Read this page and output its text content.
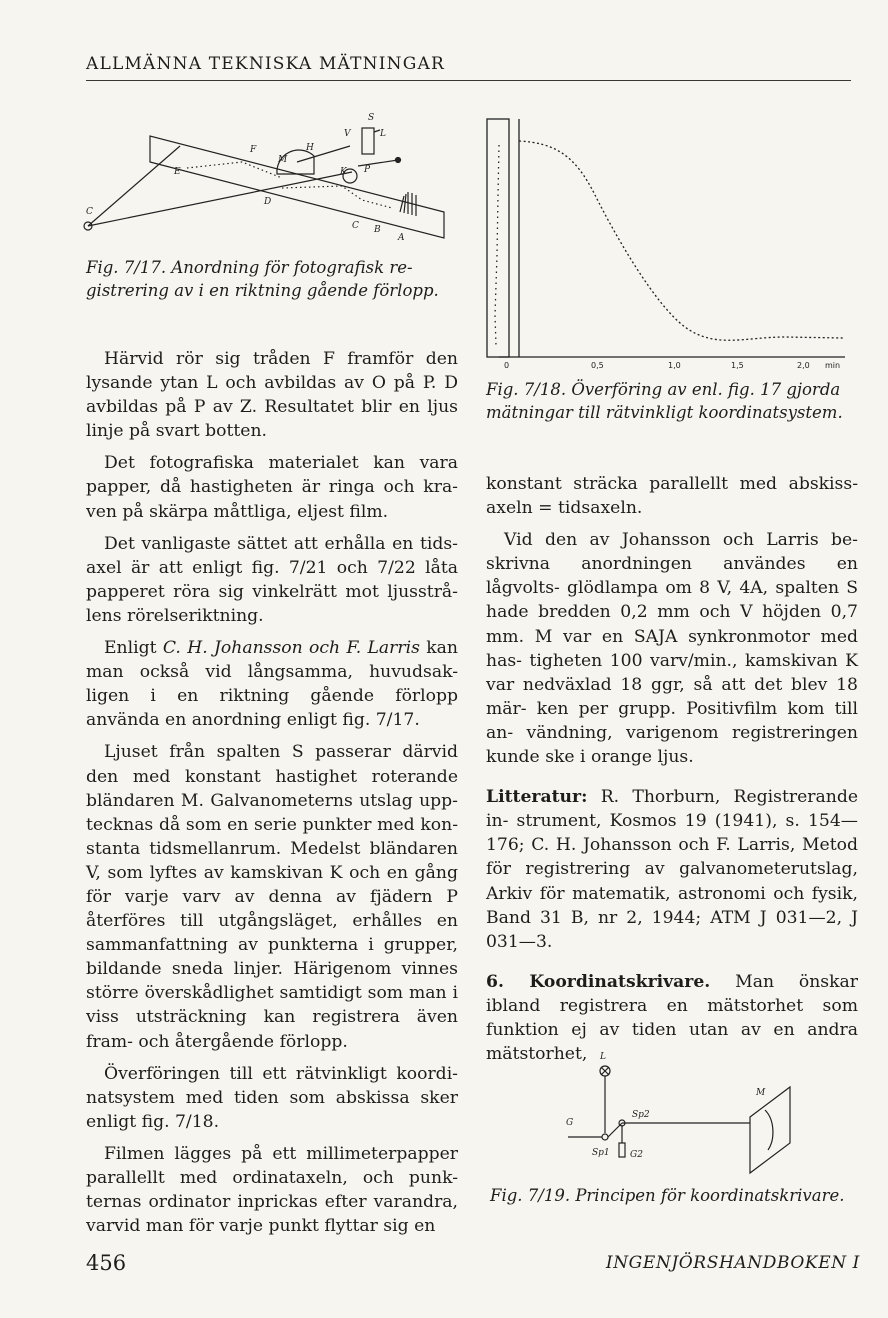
ALLMÄNNA TEKNISKA MÄTNINGAR
F
M
H
V
S
L
K P
E
D
C B
A
C
Fig. 7/17. Anordning för fotografisk re- gistrering av i en riktning gående förlopp.
0	0,5	1,0	1,5	2,0 min
Fig. 7/18. Överföring av enl. fig. 17 gjorda mätningar till rätvinkligt koordinatsystem.

Härvid rör sig tråden F framför den lysande ytan L och avbildas av O på P. D avbildas på P av Z. Resultatet blir en ljus linje på svart botten.

Det fotografiska materialet kan vara papper, då hastigheten är ringa och kra- ven på skärpa måttliga, eljest film.

Det vanligaste sättet att erhålla en tids- axel är att enligt fig. 7/21 och 7/22 låta papperet röra sig vinkelrätt mot ljusstrå- lens rörelseriktning.

Enligt C. H. Johansson och F. Larris kan man också vid långsamma, huvudsak- ligen i en riktning gående förlopp använda en anordning enligt fig. 7/17.

Ljuset från spalten S passerar därvid den med konstant hastighet roterande bländaren M. Galvanometerns utslag upp- tecknas då som en serie punkter med kon- stanta tidsmellanrum. Medelst bländaren V, som lyftes av kamskivan K och en gång för varje varv av denna av fjädern P återföres till utgångsläget, erhålles en sammanfattning av punkterna i grupper, bildande sneda linjer. Härigenom vinnes större överskådlighet samtidigt som man i viss utsträckning kan registrera även fram- och återgående förlopp.

Överföringen till ett rätvinkligt koordi- natsystem med tiden som abskissa sker enligt fig. 7/18.

Filmen lägges på ett millimeterpapper parallellt med ordinataxeln, och punk- ternas ordinator inprickas efter varandra, varvid man för varje punkt flyttar sig en

konstant sträcka parallellt med abskiss- axeln = tidsaxeln.

Vid den av Johansson och Larris be- skrivna anordningen användes en lågvolts- glödlampa om 8 V, 4A, spalten S hade bredden 0,2 mm och V höjden 0,7 mm. M var en SAJA synkronmotor med has- tigheten 100 varv/min., kamskivan K var nedväxlad 18 ggr, så att det blev 18 mär- ken per grupp. Positivfilm kom till an- vändning, varigenom registreringen kunde ske i orange ljus.

Litteratur: R. Thorburn, Registrerande in- strument, Kosmos 19 (1941), s. 154—176; C. H. Johansson och F. Larris, Metod för registrering av galvanometerutslag, Arkiv för matematik, astronomi och fysik, Band 31 B, nr 2, 1944; ATM J 031—2, J 031—3.

6. Koordinatskrivare. Man önskar ibland registrera en mätstorhet som funktion ej av tiden utan av en andra mätstorhet,	L
M
G
Sp2
Sp1 G2
Fig. 7/19. Principen för koordinatskrivare.
456	INGENJÖRSHANDBOKEN I
